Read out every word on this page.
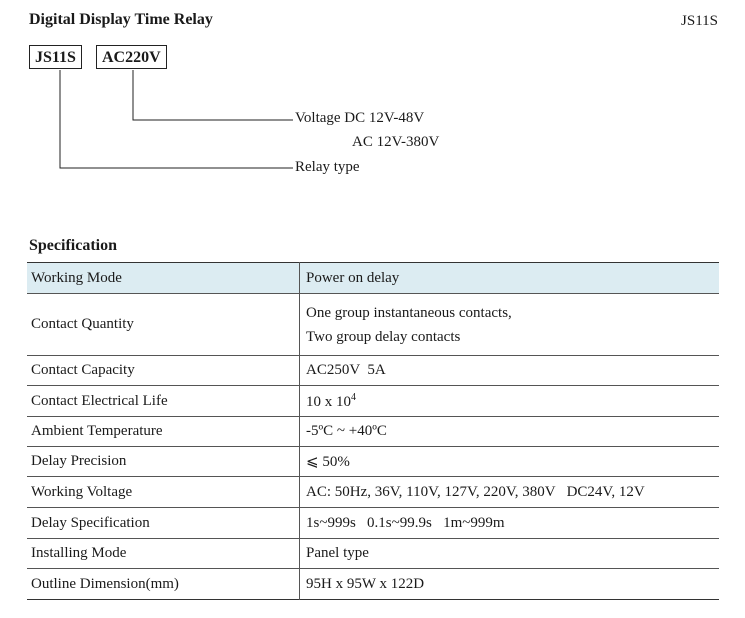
Digital Display Time Relay	JS11S
JS11S	AC220V
Voltage DC 12V-48V
AC 12V-380V
Relay type
Specification
Working Mode	Power on delay
Contact Quantity	One group instantaneous contacts,
Two group delay contacts

Contact Capacity	AC250V  5A
Contact Electrical Life	10 x $10^4$
Ambient Temperature	-5ºC ~ +40ºC
Delay Precision	⩽ 50%
Working Voltage	AC: 50Hz, 36V, 110V, 127V, 220V, 380V   DC24V, 12V
Delay Specification	1s~999s   0.1s~99.9s   1m~999m
Installing Mode	Panel type
Outline Dimension(mm)	95H x 95W x 122D
